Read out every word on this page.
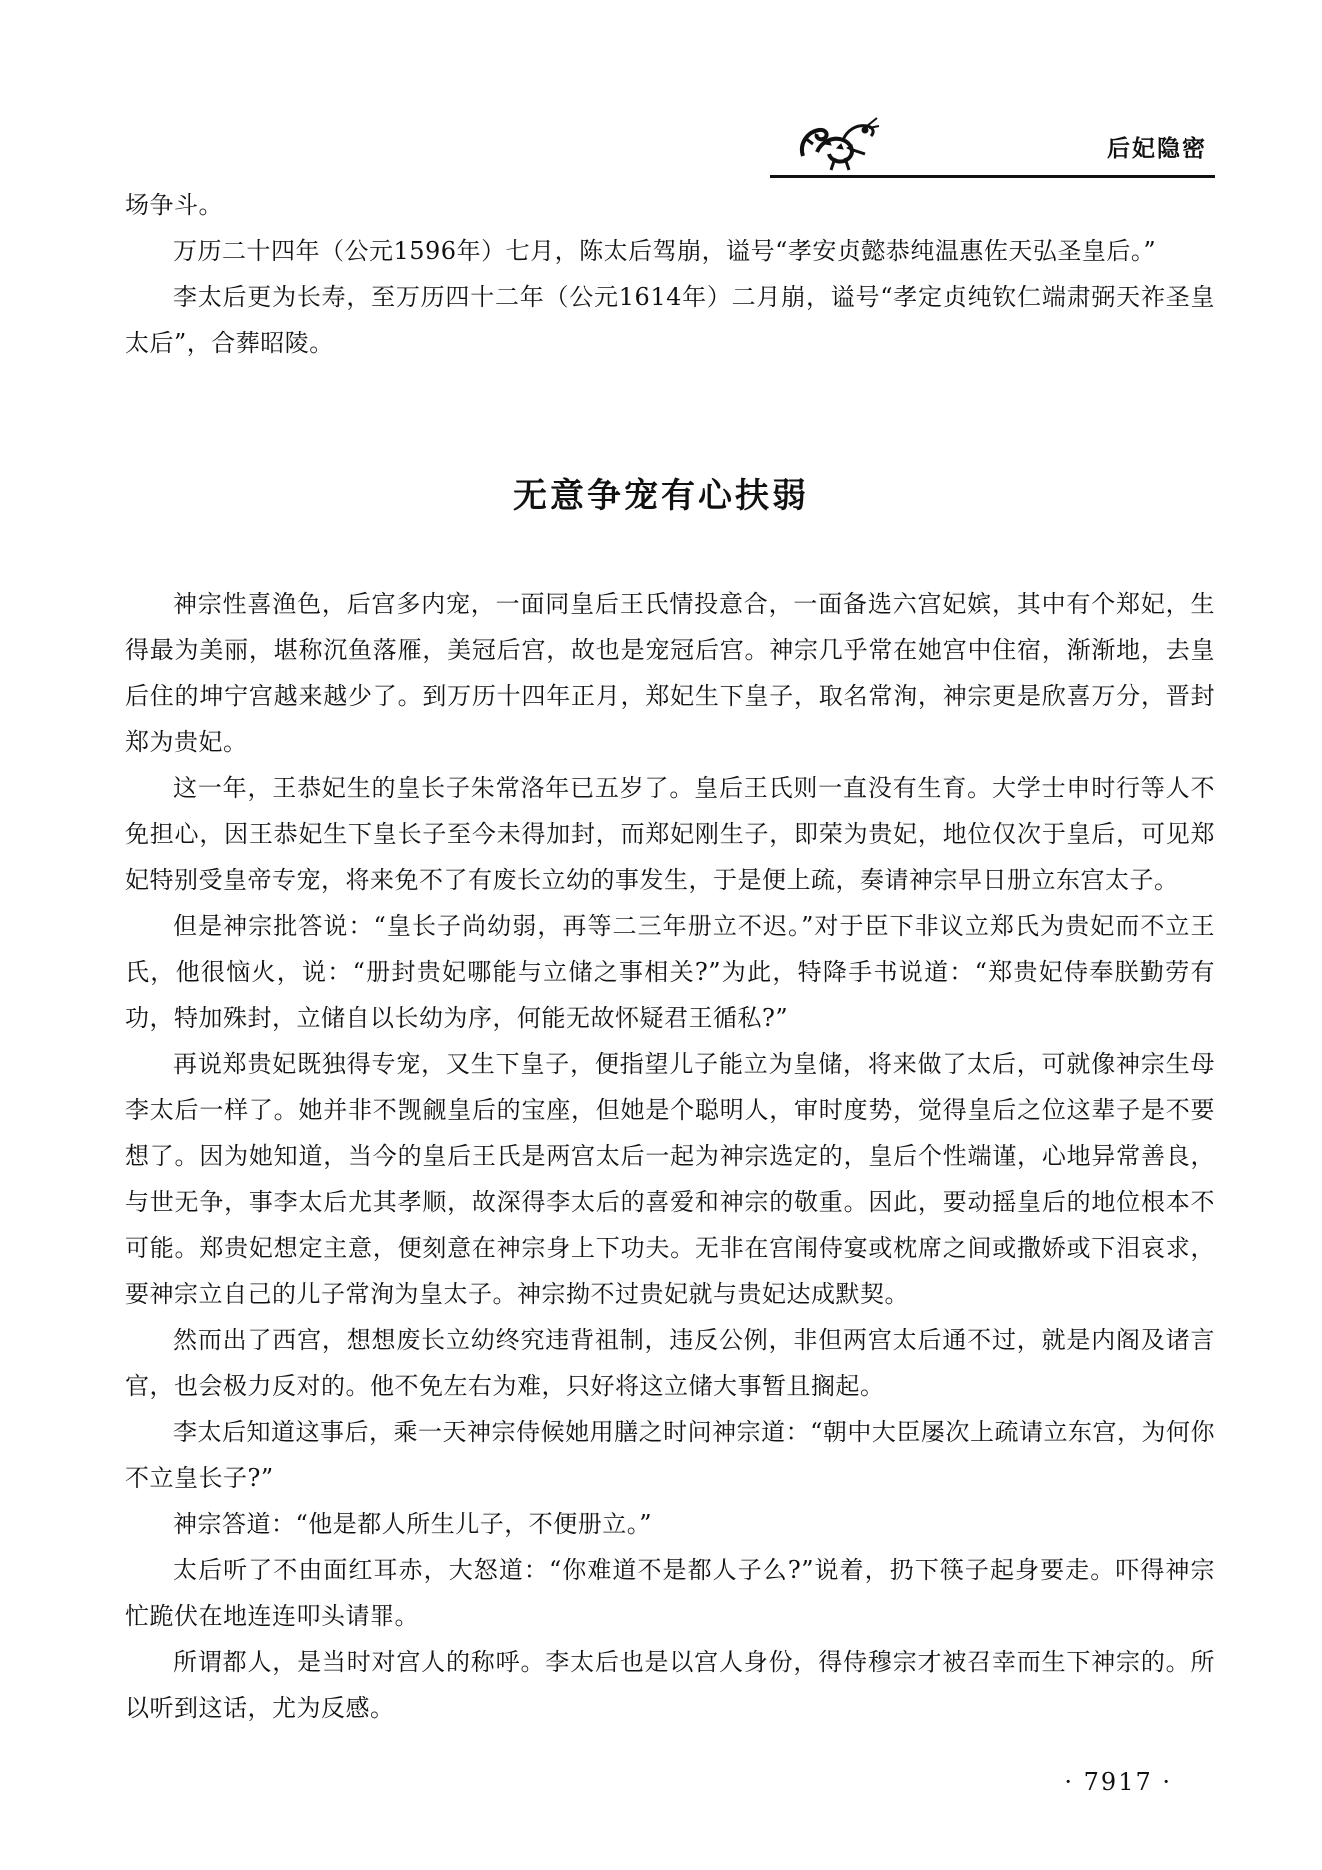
后妃隐密

场争斗。

万历二十四年（公元1596年）七月，陈太后驾崩，谥号“孝安贞懿恭纯温惠佐天弘圣皇后。”

李太后更为长寿，至万历四十二年（公元1614年）二月崩，谥号“孝定贞纯钦仁端肃弼天祚圣皇太后”，合葬昭陵。

无意争宠有心扶弱

神宗性喜渔色，后宫多内宠，一面同皇后王氏情投意合，一面备选六宫妃嫔，其中有个郑妃，生得最为美丽，堪称沉鱼落雁，美冠后宫，故也是宠冠后宫。神宗几乎常在她宫中住宿，渐渐地，去皇后住的坤宁宫越来越少了。到万历十四年正月，郑妃生下皇子，取名常洵，神宗更是欣喜万分，晋封郑为贵妃。

这一年，王恭妃生的皇长子朱常洛年已五岁了。皇后王氏则一直没有生育。大学士申时行等人不免担心，因王恭妃生下皇长子至今未得加封，而郑妃刚生子，即荣为贵妃，地位仅次于皇后，可见郑妃特别受皇帝专宠，将来免不了有废长立幼的事发生，于是便上疏，奏请神宗早日册立东宫太子。

但是神宗批答说：“皇长子尚幼弱，再等二三年册立不迟。”对于臣下非议立郑氏为贵妃而不立王氏，他很恼火，说：“册封贵妃哪能与立储之事相关?”为此，特降手书说道：“郑贵妃侍奉朕勤劳有功，特加殊封，立储自以长幼为序，何能无故怀疑君王循私?”

再说郑贵妃既独得专宠，又生下皇子，便指望儿子能立为皇储，将来做了太后，可就像神宗生母李太后一样了。她并非不觊觎皇后的宝座，但她是个聪明人，审时度势，觉得皇后之位这辈子是不要想了。因为她知道，当今的皇后王氏是两宫太后一起为神宗选定的，皇后个性端谨，心地异常善良，与世无争，事李太后尤其孝顺，故深得李太后的喜爱和神宗的敬重。因此，要动摇皇后的地位根本不可能。郑贵妃想定主意，便刻意在神宗身上下功夫。无非在宫闱侍宴或枕席之间或撒娇或下泪哀求，要神宗立自己的儿子常洵为皇太子。神宗拗不过贵妃就与贵妃达成默契。

然而出了西宫，想想废长立幼终究违背祖制，违反公例，非但两宫太后通不过，就是内阁及诸言官，也会极力反对的。他不免左右为难，只好将这立储大事暂且搁起。

李太后知道这事后，乘一天神宗侍候她用膳之时问神宗道：“朝中大臣屡次上疏请立东宫，为何你不立皇长子?”

神宗答道：“他是都人所生儿子，不便册立。”

太后听了不由面红耳赤，大怒道：“你难道不是都人子么?”说着，扔下筷子起身要走。吓得神宗忙跪伏在地连连叩头请罪。

所谓都人，是当时对宫人的称呼。李太后也是以宫人身份，得侍穆宗才被召幸而生下神宗的。所以听到这话，尤为反感。

· 7917 ·
